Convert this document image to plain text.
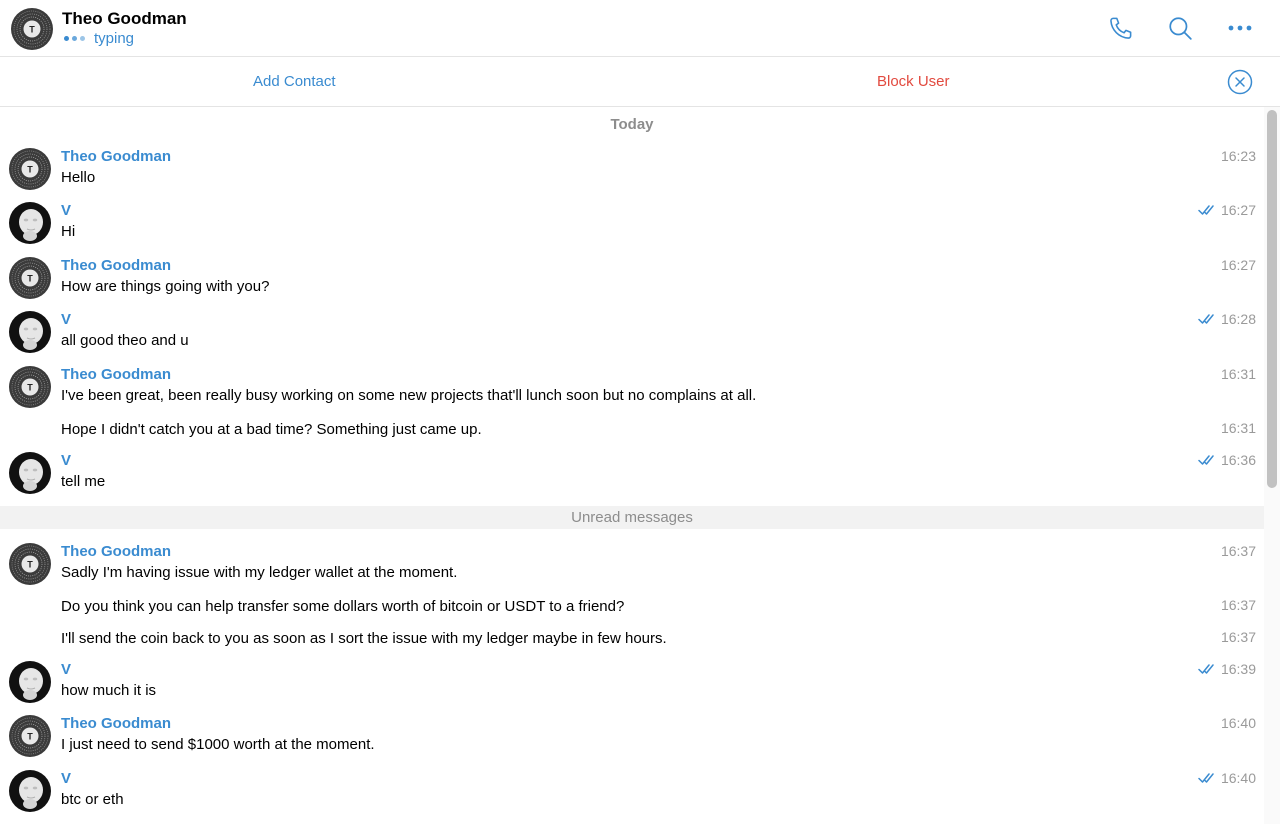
Theo Goodman
typing
Add Contact	Block User
Today
Theo Goodman
Hello
16:23
V
Hi
16:27
Theo Goodman
How are things going with you?
16:27
V
all good theo and u
16:28
Theo Goodman
I've been great, been really busy working on some new projects that'll lunch soon but no complains at all.
16:31
Hope I didn't catch you at a bad time? Something just came up.	16:31
V
tell me
16:36
Unread messages
Theo Goodman
Sadly I'm having issue with my ledger wallet at the moment.
16:37
Do you think you can help transfer some dollars worth of bitcoin or USDT to a friend?	16:37
I'll send the coin back to you as soon as I sort the issue with my ledger maybe in few hours.	16:37
V
how much it is
16:39
Theo Goodman
I just need to send $1000 worth at the moment.
16:40
V
btc or eth
16:40
